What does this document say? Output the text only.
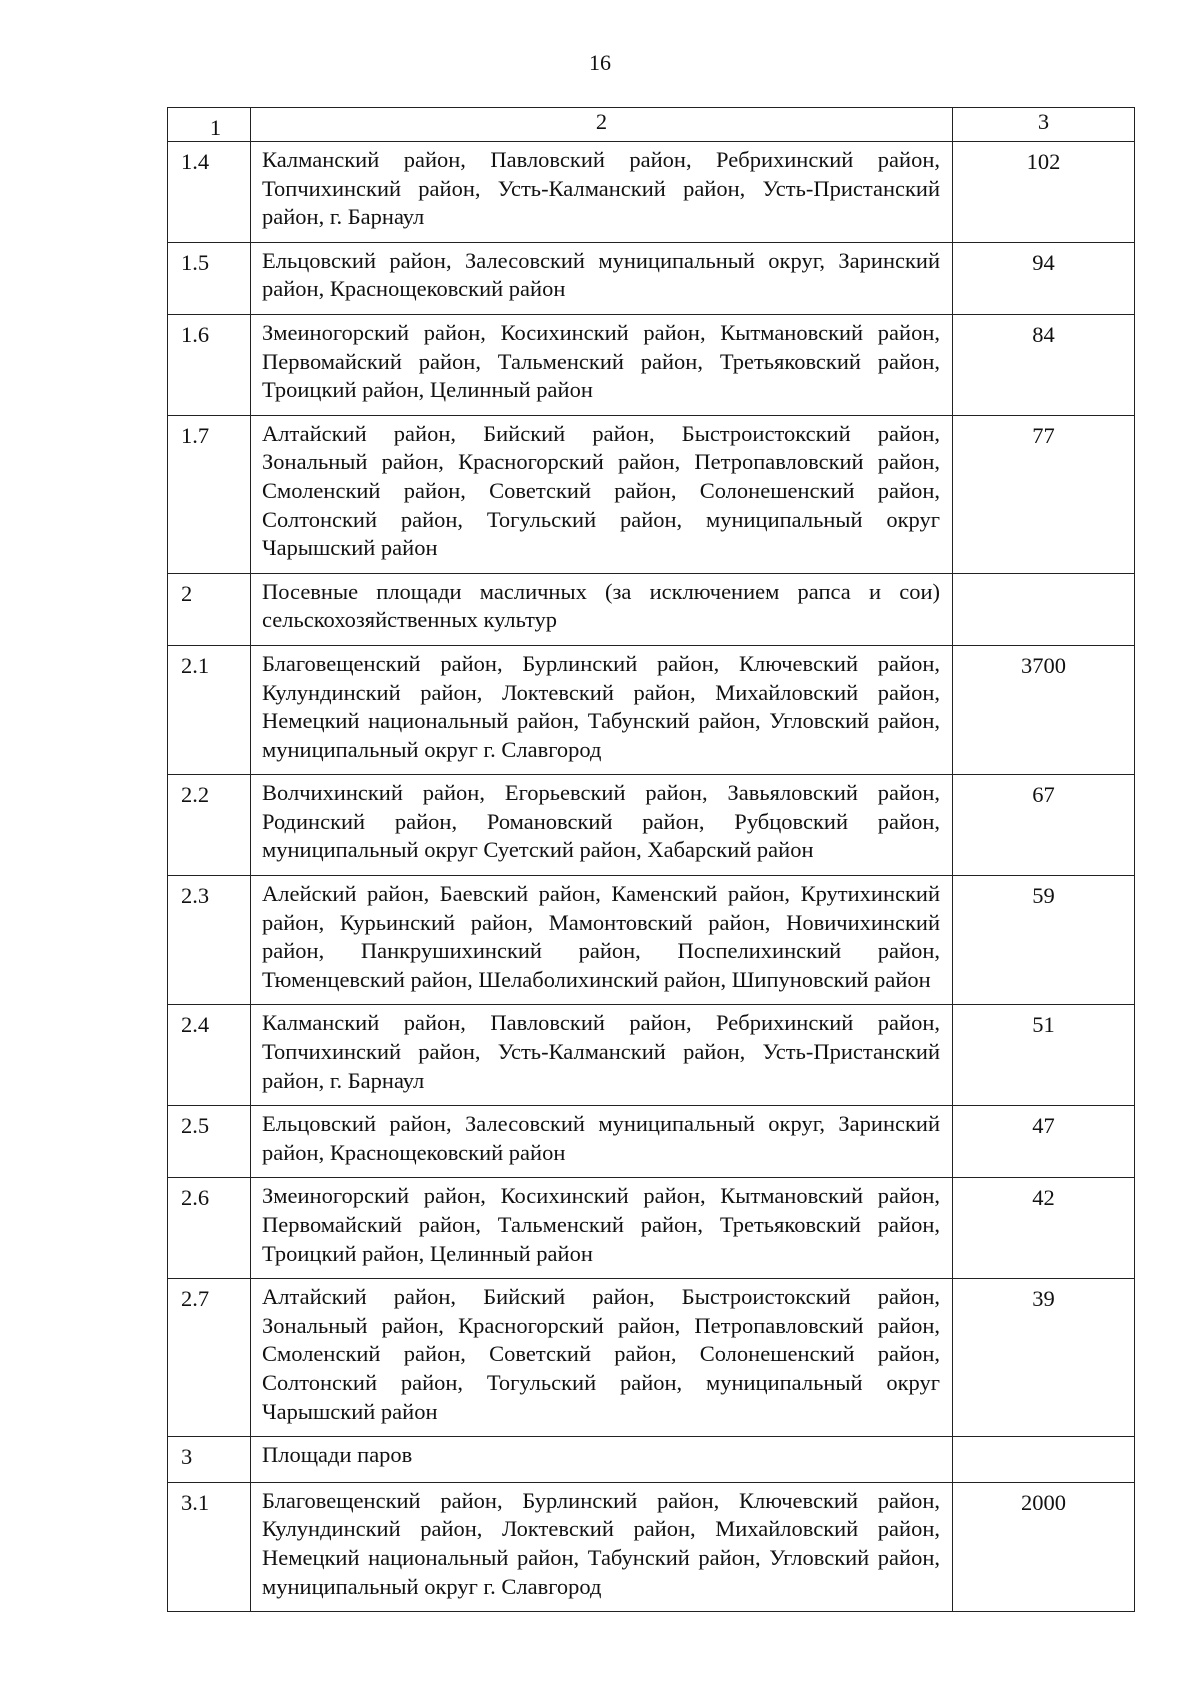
16
1	2	3
1.4	Калманский район, Павловский район, Ребрихинский район, Топчихинский район, Усть-Калманский район, Усть-Пристанский район, г. Барнаул	102
1.5	Ельцовский район, Залесовский муниципальный округ, Заринский район, Краснощековский район	94
1.6	Змеиногорский район, Косихинский район, Кытмановский район, Первомайский район, Тальменский район, Третьяковский район, Троицкий район, Целинный район	84
1.7	Алтайский район, Бийский район, Быстроистокский район, Зональный район, Красногорский район, Петропавловский район, Смоленский район, Советский район, Солонешенский район, Солтонский район, Тогульский район, муниципальный округ Чарышский район	77
2	Посевные площади масличных (за исключением рапса и сои) сельскохозяйственных культур	
2.1	Благовещенский район, Бурлинский район, Ключевский район, Кулундинский район, Локтевский район, Михайловский район, Немецкий национальный район, Табунский район, Угловский район, муниципальный округ г. Славгород	3700
2.2	Волчихинский район, Егорьевский район, Завьяловский район, Родинский район, Романовский район, Рубцовский район, муниципальный округ Суетский район, Хабарский район	67
2.3	Алейский район, Баевский район, Каменский район, Крутихинский район, Курьинский район, Мамонтовский район, Новичихинский район, Панкрушихинский район, Поспелихинский район, Тюменцевский район, Шелаболихинский район, Шипуновский район	59
2.4	Калманский район, Павловский район, Ребрихинский район, Топчихинский район, Усть-Калманский район, Усть-Пристанский район, г. Барнаул	51
2.5	Ельцовский район, Залесовский муниципальный округ, Заринский район, Краснощековский район	47
2.6	Змеиногорский район, Косихинский район, Кытмановский район, Первомайский район, Тальменский район, Третьяковский район, Троицкий район, Целинный район	42
2.7	Алтайский район, Бийский район, Быстроистокский район, Зональный район, Красногорский район, Петропавловский район, Смоленский район, Советский район, Солонешенский район, Солтонский район, Тогульский район, муниципальный округ Чарышский район	39
3	Площади паров	
3.1	Благовещенский район, Бурлинский район, Ключевский район, Кулундинский район, Локтевский район, Михайловский район, Немецкий национальный район, Табунский район, Угловский район, муниципальный округ г. Славгород	2000
